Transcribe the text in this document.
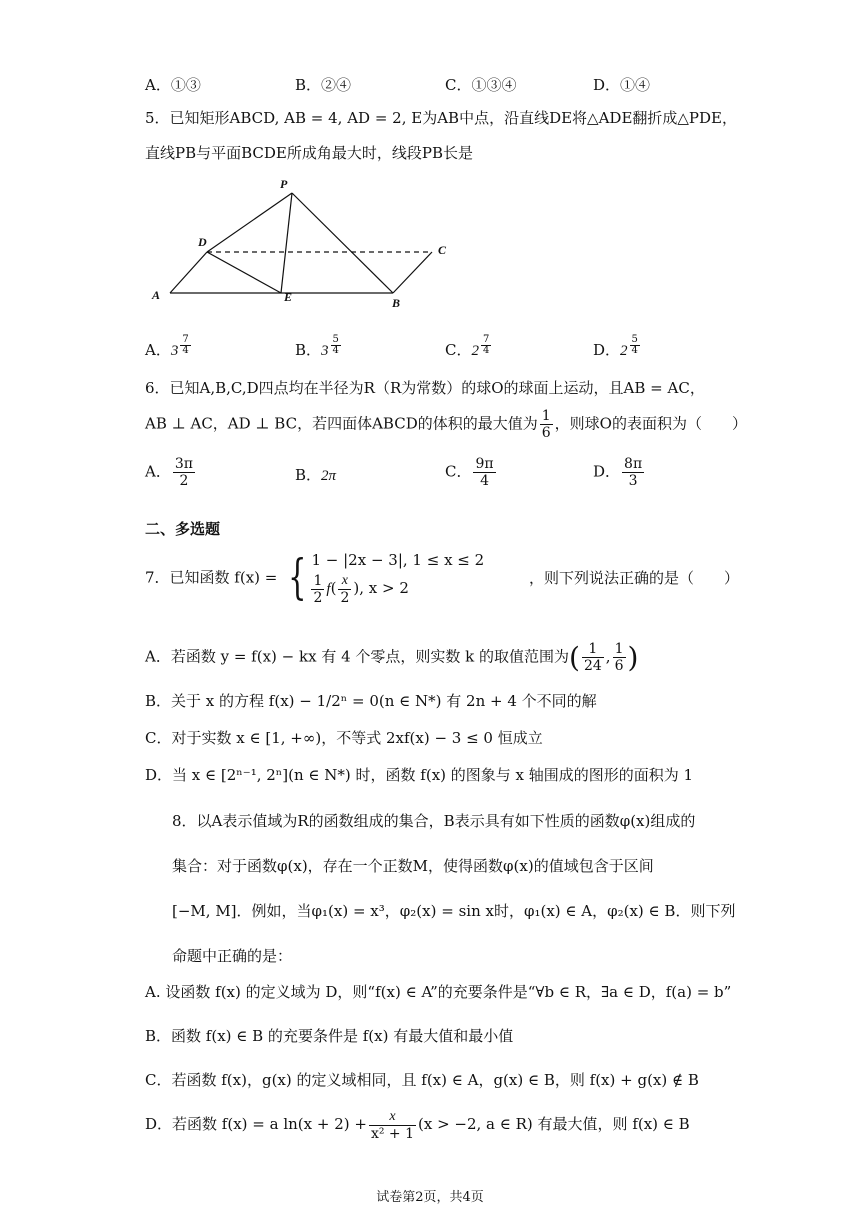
A．①③	B．②④	C．①③④	D．①④
5．已知矩形ABCD, AB = 4, AD = 2, E为AB中点，沿直线DE将△ADE翻折成△PDE，
直线PB与平面BCDE所成角最大时，线段PB长是
P
D
C
A	E	B
A．$3 \frac{7}{4}$	B．$3 \frac{5}{4}$	C．$2 \frac{7}{4}$	D．$2 \frac{5}{4}$
6．已知A,B,C,D四点均在半径为R（R为常数）的球O的球面上运动，且AB = AC，
AB ⊥ AC，AD ⊥ BC，若四面体ABCD的体积的最大值为 $\frac{1}{6}$ ，则球O的表面积为（　　）
A． $\frac{3\pi}{2}$	B．2π	C． $\frac{9\pi}{4}$	D． $\frac{8\pi}{3}$
二、多选题
7．已知函数 f(x) = { 1 − |2x − 3|, 1 ≤ x ≤ 2
$\frac{1}{2} f( \frac{x}{2}$ ), x > 2
，则下列说法正确的是（　　）
A．若函数 y = f(x) − kx 有 4 个零点，则实数 k 的取值范围为( $\frac{1}{24}$ , $\frac{1}{6}$ )
B．关于 x 的方程 f(x) − 1/2ⁿ = 0(n ∈ N*) 有 2n + 4 个不同的解
C．对于实数 x ∈ [1, +∞)，不等式 2xf(x) − 3 ≤ 0 恒成立
D．当 x ∈ [2ⁿ⁻¹, 2ⁿ](n ∈ N*) 时，函数 f(x) 的图象与 x 轴围成的图形的面积为 1
8．以A表示值域为R的函数组成的集合，B表示具有如下性质的函数φ(x)组成的
集合：对于函数φ(x)，存在一个正数M，使得函数φ(x)的值域包含于区间
[−M, M]．例如，当φ₁(x) = x³，φ₂(x) = sin x时，φ₁(x) ∈ A，φ₂(x) ∈ B．则下列
命题中正确的是：
A. 设函数 f(x) 的定义域为 D，则“f(x) ∈ A”的充要条件是“∀b ∈ R，∃a ∈ D，f(a) = b”
B．函数 f(x) ∈ B 的充要条件是 f(x) 有最大值和最小值
C．若函数 f(x)，g(x) 的定义域相同，且 f(x) ∈ A，g(x) ∈ B，则 f(x) + g(x) ∉ B
D．若函数 f(x) = a $\ln(x + 2) + \frac{x}{\text{x² + 1}} (x > -2$, a ∈ R) 有最大值，则 f(x) ∈ B
试卷第2页，共4页
